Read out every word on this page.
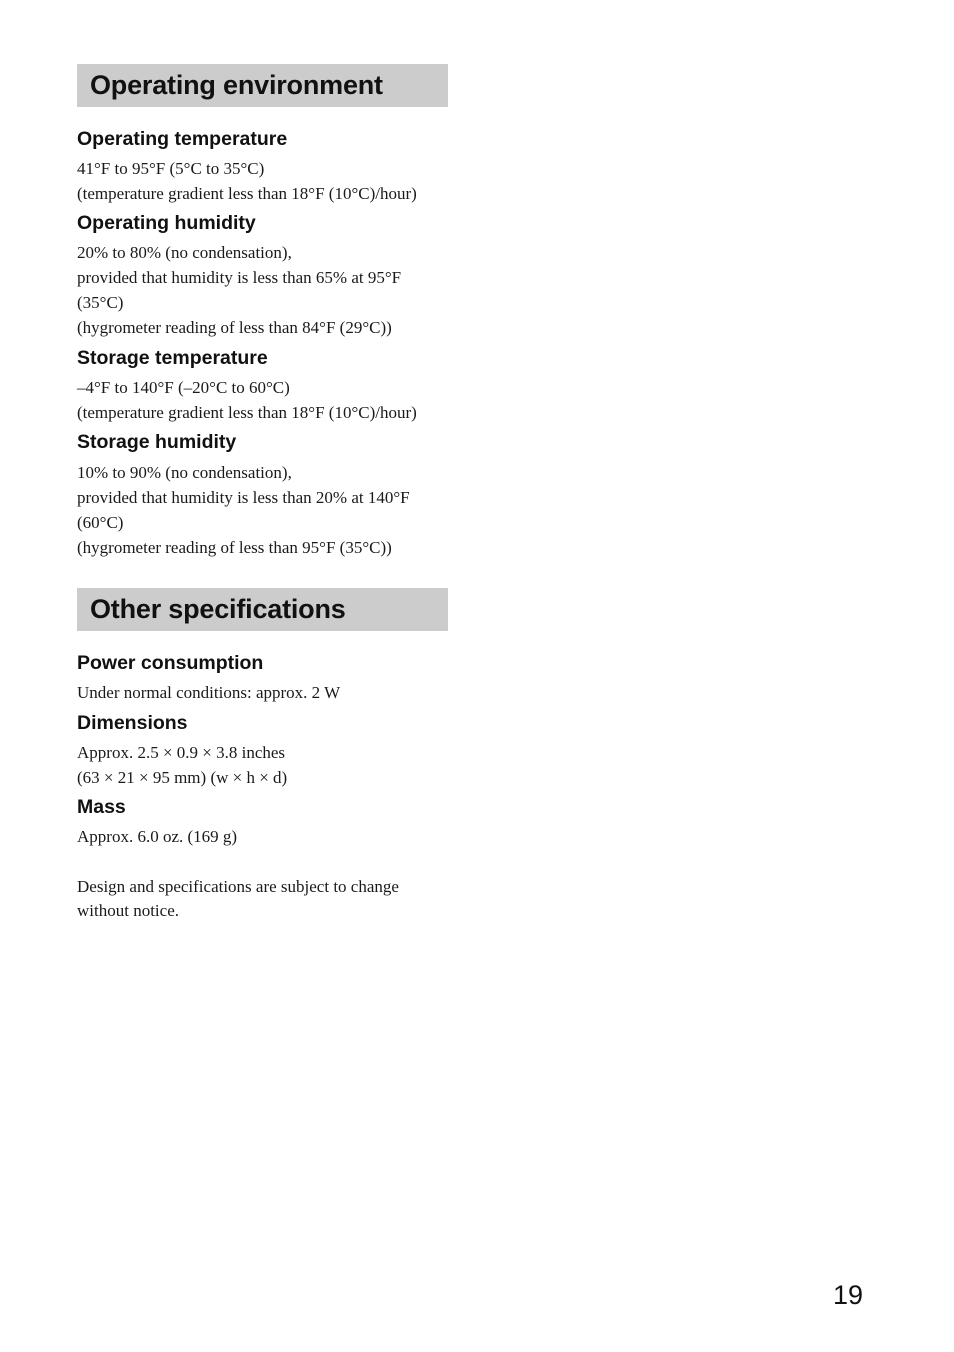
Operating environment

Operating temperature

41°F to 95°F (5°C to 35°C)

(temperature gradient less than 18°F (10°C)/hour)

Operating humidity

20% to 80% (no condensation),

provided that humidity is less than 65% at 95°F

(35°C)

(hygrometer reading of less than 84°F (29°C))

Storage temperature

–4°F to 140°F (–20°C to 60°C)

(temperature gradient less than 18°F (10°C)/hour)

Storage humidity

10% to 90% (no condensation),

provided that humidity is less than 20% at 140°F

(60°C)

(hygrometer reading of less than 95°F (35°C))

Other specifications

Power consumption

Under normal conditions: approx. 2 W

Dimensions

Approx. 2.5 × 0.9 × 3.8 inches

(63 × 21 × 95 mm) (w × h × d)

Mass

Approx. 6.0 oz. (169 g)

Design and specifications are subject to change

without notice.

19
